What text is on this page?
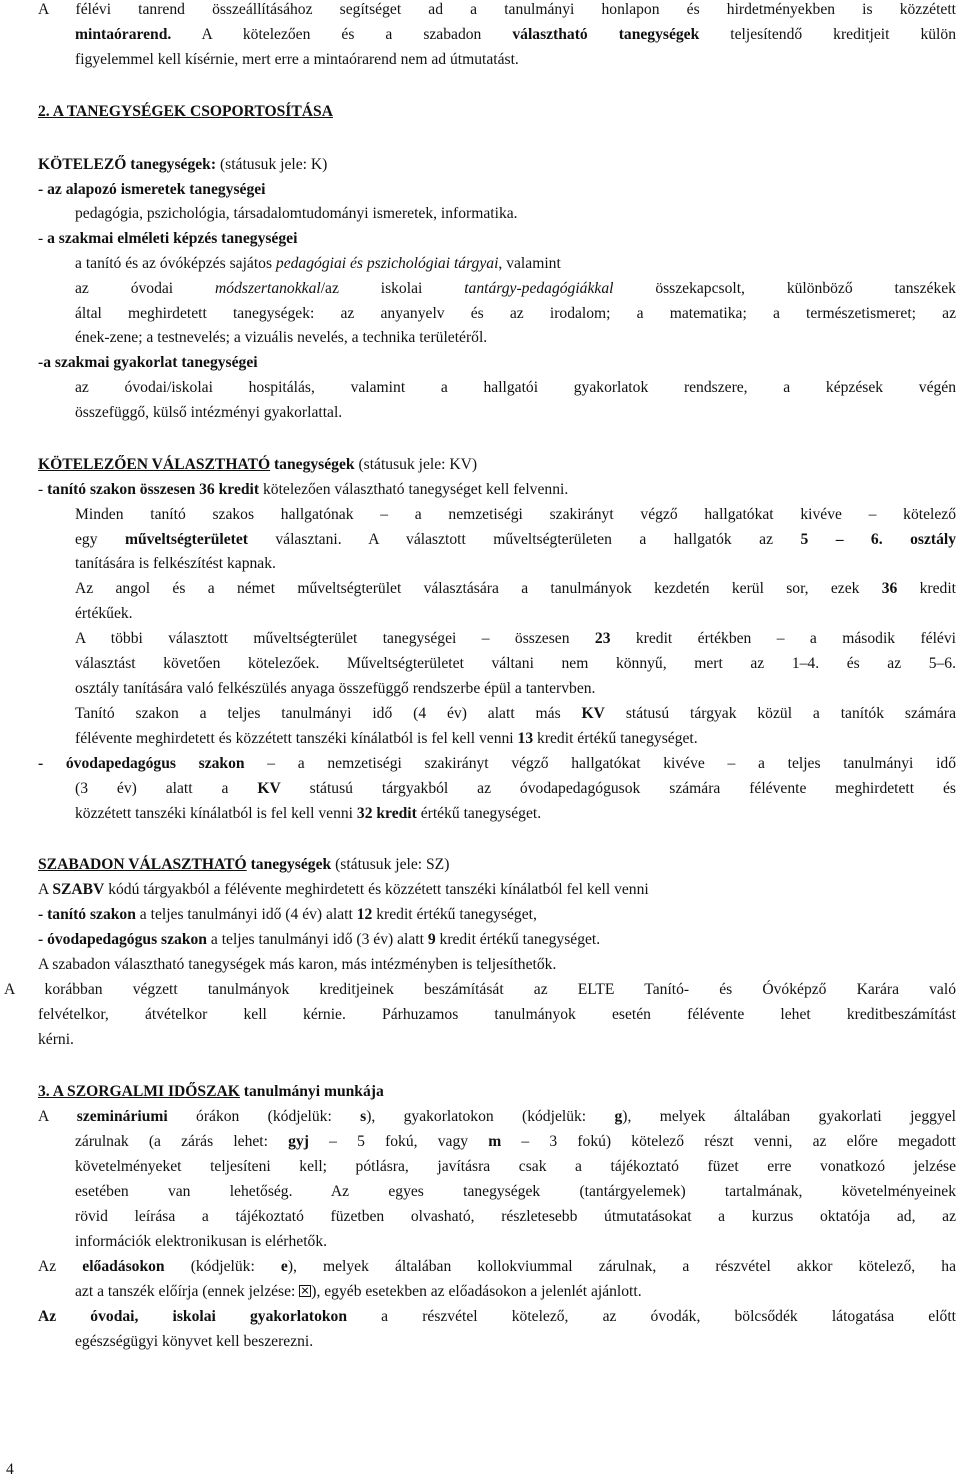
A félévi tanrend összeállításához segítséget ad a tanulmányi honlapon és hirdetményekben is közzétett
mintaórarend. A kötelezően és a szabadon választható tanegységek teljesítendő kreditjeit külön
figyelemmel kell kísérnie, mert erre a mintaórarend nem ad útmutatást.
2. A TANEGYSÉGEK CSOPORTOSÍTÁSA
KÖTELEZŐ tanegységek: (státusuk jele: K)
- az alapozó ismeretek tanegységei
pedagógia, pszichológia, társadalomtudományi ismeretek, informatika.
- a szakmai elméleti képzés tanegységei
a tanító és az óvóképzés sajátos pedagógiai és pszichológiai tárgyai, valamint
az óvodai módszertanokkal/az iskolai tantárgy-pedagógiákkal összekapcsolt, különböző tanszékek
által meghirdetett tanegységek: az anyanyelv és az irodalom; a matematika; a természetismeret; az
ének-zene; a testnevelés; a vizuális nevelés, a technika területéről.
-a szakmai gyakorlat tanegységei
az óvodai/iskolai hospitálás, valamint a hallgatói gyakorlatok rendszere, a képzések végén
összefüggő, külső intézményi gyakorlattal.
KÖTELEZŐEN VÁLASZTHATÓ tanegységek (státusuk jele: KV)
- tanító szakon összesen 36 kredit kötelezően választható tanegységet kell felvenni.
Minden tanító szakos hallgatónak – a nemzetiségi szakirányt végző hallgatókat kivéve – kötelező
egy műveltségterületet választani. A választott műveltségterületen a hallgatók az 5 – 6. osztály
tanítására is felkészítést kapnak.
Az angol és a német műveltségterület választására a tanulmányok kezdetén kerül sor, ezek 36 kredit
értékűek.
A többi választott műveltségterület tanegységei – összesen 23 kredit értékben – a második félévi
választást követően kötelezőek. Műveltségterületet váltani nem könnyű, mert az 1–4. és az 5–6.
osztály tanítására való felkészülés anyaga összefüggő rendszerbe épül a tantervben.
Tanító szakon a teljes tanulmányi idő (4 év) alatt más KV státusú tárgyak közül a tanítók számára
félévente meghirdetett és közzétett tanszéki kínálatból is fel kell venni 13 kredit értékű tanegységet.
- óvodapedagógus szakon – a nemzetiségi szakirányt végző hallgatókat kivéve – a teljes tanulmányi idő
(3 év) alatt a KV státusú tárgyakból az óvodapedagógusok számára félévente meghirdetett és
közzétett tanszéki kínálatból is fel kell venni 32 kredit értékű tanegységet.
SZABADON VÁLASZTHATÓ tanegységek (státusuk jele: SZ)
A SZABV kódú tárgyakból a félévente meghirdetett és közzétett tanszéki kínálatból fel kell venni
- tanító szakon a teljes tanulmányi idő (4 év) alatt 12 kredit értékű tanegységet,
- óvodapedagógus szakon a teljes tanulmányi idő (3 év) alatt 9 kredit értékű tanegységet.
A szabadon választható tanegységek más karon, más intézményben is teljesíthetők.
A korábban végzett tanulmányok kreditjeinek beszámítását az ELTE Tanító- és Óvóképző Karára való
felvételkor, átvételkor kell kérnie. Párhuzamos tanulmányok esetén félévente lehet kreditbeszámítást
kérni.
3. A SZORGALMI IDŐSZAK tanulmányi munkája
A szemináriumi órákon (kódjelük: s), gyakorlatokon (kódjelük: g), melyek általában gyakorlati jeggyel
zárulnak (a zárás lehet: gyj – 5 fokú, vagy m – 3 fokú) kötelező részt venni, az előre megadott
követelményeket teljesíteni kell; pótlásra, javításra csak a tájékoztató füzet erre vonatkozó jelzése
esetében van lehetőség. Az egyes tanegységek (tantárgyelemek) tartalmának, követelményeinek
rövid leírása a tájékoztató füzetben olvasható, részletesebb útmutatásokat a kurzus oktatója ad, az
információk elektronikusan is elérhetők.
Az előadásokon (kódjelük: e), melyek általában kollokviummal zárulnak, a részvétel akkor kötelező, ha
azt a tanszék előírja (ennek jelzése: ☒), egyéb esetekben az előadásokon a jelenlét ajánlott.
Az óvodai, iskolai gyakorlatokon a részvétel kötelező, az óvodák, bölcsődék látogatása előtt
egészségügyi könyvet kell beszerezni.
4
